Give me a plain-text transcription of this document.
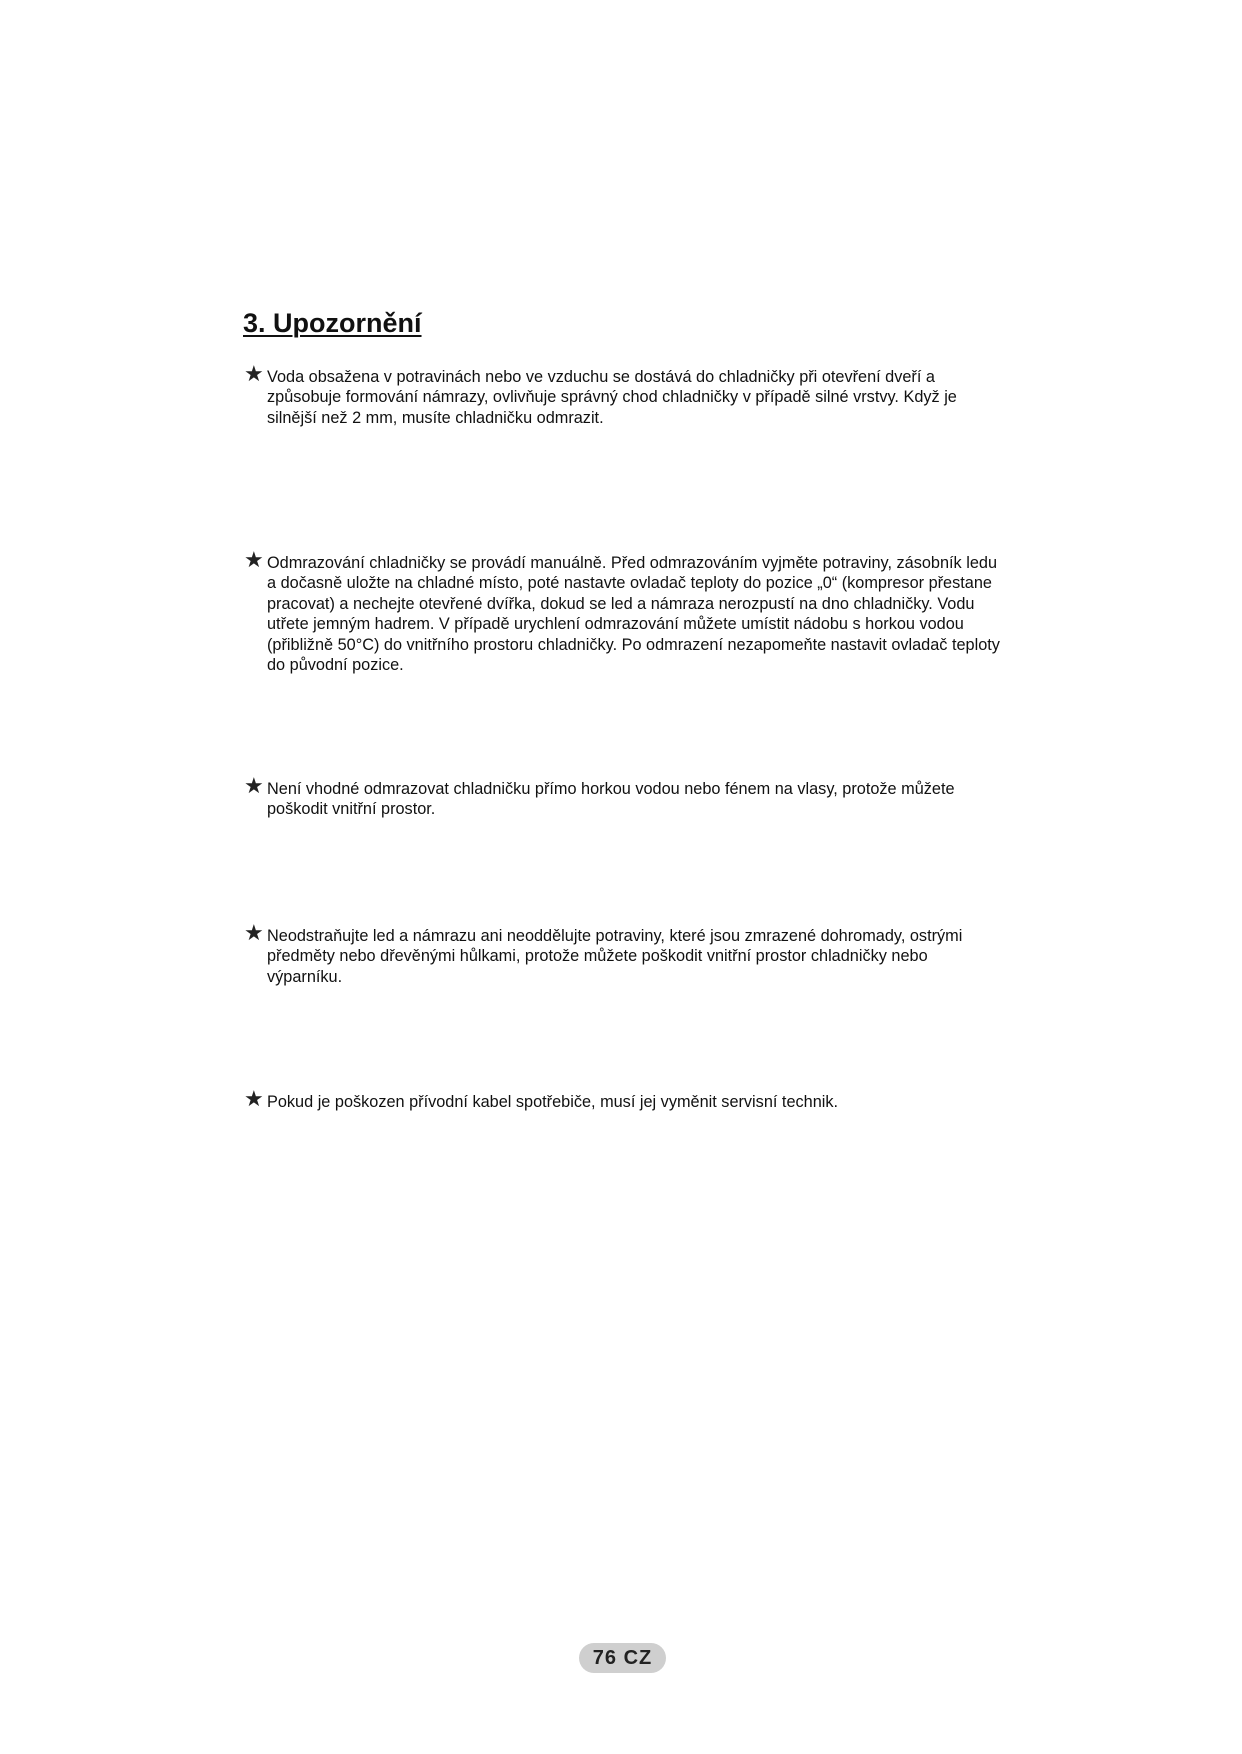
3. Upozornění
★ Voda obsažena v potravinách nebo ve vzduchu se dostává do chladničky při otevření dveří a způsobuje formování námrazy, ovlivňuje správný chod chladničky v případě silné vrstvy. Když je silnější než 2 mm, musíte chladničku odmrazit.
★ Odmrazování chladničky se provádí manuálně. Před odmrazováním vyjměte potraviny, zásobník ledu a dočasně uložte na chladné místo, poté nastavte ovladač teploty do pozice „0“ (kompresor přestane pracovat) a nechejte otevřené dvířka, dokud se led a námraza nerozpustí na dno chladničky. Vodu utřete jemným hadrem. V případě urychlení odmrazování můžete umístit nádobu s horkou vodou (přibližně 50°C) do vnitřního prostoru chladničky. Po odmrazení nezapomeňte nastavit ovladač teploty do původní pozice.
★ Není vhodné odmrazovat chladničku přímo horkou vodou nebo fénem na vlasy, protože můžete poškodit vnitřní prostor.
★ Neodstraňujte led a námrazu ani neoddělujte potraviny, které jsou zmrazené dohromady, ostrými předměty nebo dřevěnými hůlkami, protože můžete poškodit vnitřní prostor chladničky nebo výparníku.
★ Pokud je poškozen přívodní kabel spotřebiče, musí jej vyměnit servisní technik.
76 CZ
